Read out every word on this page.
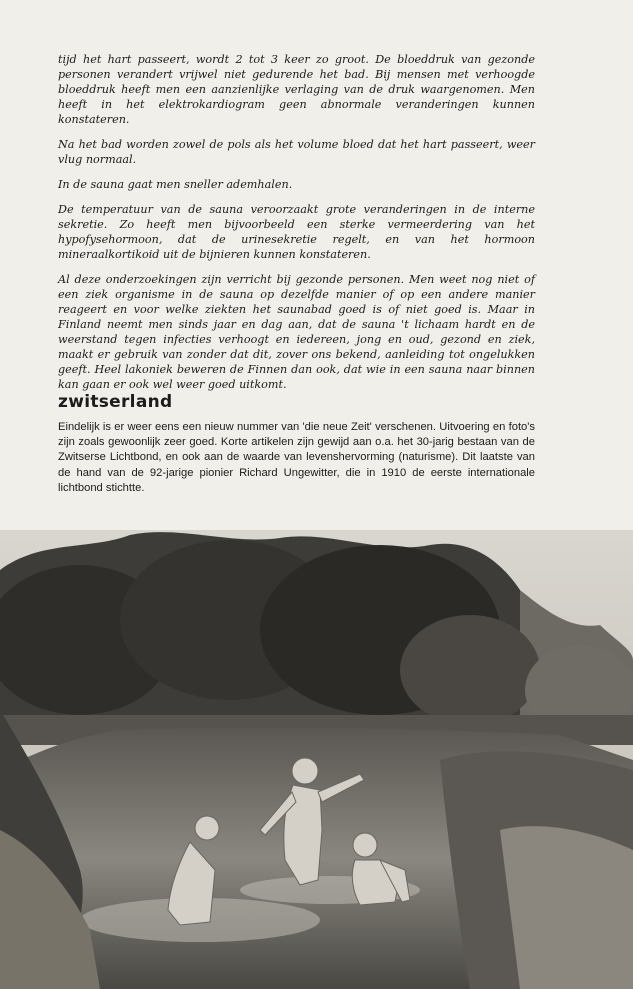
tijd het hart passeert, wordt 2 tot 3 keer zo groot. De bloeddruk van gezonde personen verandert vrijwel niet gedurende het bad. Bij mensen met verhoogde bloeddruk heeft men een aanzienlijke verlaging van de druk waargenomen. Men heeft in het elektrokardiogram geen abnormale veranderingen kunnen konstateren.

Na het bad worden zowel de pols als het volume bloed dat het hart passeert, weer vlug normaal.

In de sauna gaat men sneller ademhalen.

De temperatuur van de sauna veroorzaakt grote veranderingen in de interne sekretie. Zo heeft men bijvoorbeeld een sterke vermeerdering van het hypofysehormoon, dat de urinesekretie regelt, en van het hormoon mineraalkortikoid uit de bijnieren kunnen konstateren.

Al deze onderzoekingen zijn verricht bij gezonde personen. Men weet nog niet of een ziek organisme in de sauna op dezelfde manier of op een andere manier reageert en voor welke ziekten het saunabad goed is of niet goed is. Maar in Finland neemt men sinds jaar en dag aan, dat de sauna 't lichaam hardt en de weerstand tegen infecties verhoogt en iedereen, jong en oud, gezond en ziek, maakt er gebruik van zonder dat dit, zover ons bekend, aanleiding tot ongelukken geeft. Heel lakoniek beweren de Finnen dan ook, dat wie in een sauna naar binnen kan gaan er ook wel weer goed uitkomt.

zwitserland

Eindelijk is er weer eens een nieuw nummer van 'die neue Zeit' verschenen. Uitvoering en foto's zijn zoals gewoonlijk zeer goed. Korte artikelen zijn gewijd aan o.a. het 30-jarig bestaan van de Zwitserse Lichtbond, en ook aan de waarde van levenshervorming (naturisme). Dit laatste van de hand van de 92-jarige pionier Richard Ungewitter, die in 1910 de eerste internationale lichtbond stichtte.
